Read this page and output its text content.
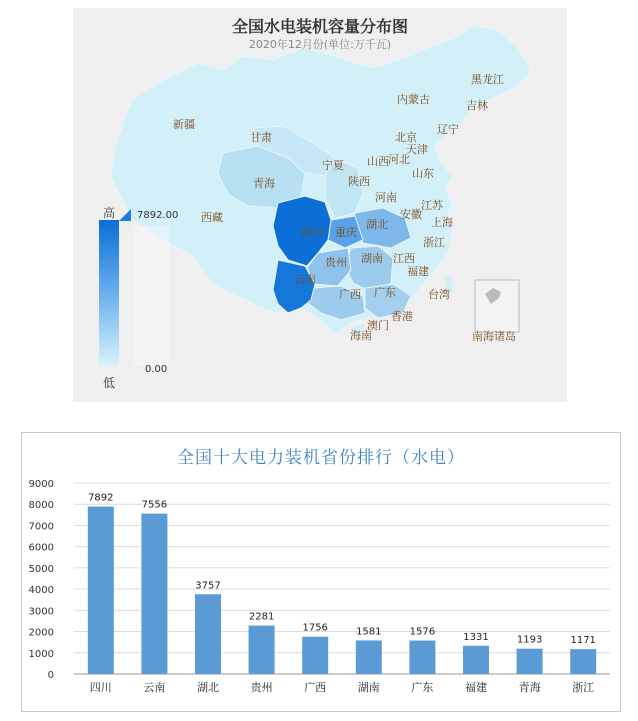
全国水电装机容量分布图
2020年12月份(单位:万千瓦)
黑龙江
吉林
内蒙古
辽宁
新疆
甘肃	北京
天津
宁夏 山西 河北
山东
青海	陕西
河南
江苏
西藏	安徽
上海
湖北
重庆
四川
浙江
贵州 湖南 江西
福建
云南
广西 广东	台湾
香港
澳门
海南	南海诸岛
高
低
7892.00
0.00
全国十大电力装机省份排行（水电）
0
1000
2000
3000
4000
5000
6000
7000
8000
9000
7892
四川
7556
云南
3757
湖北
2281
贵州
1756
广西
1581
湖南
1576
广东
1331
福建
1193
青海
1171
浙江
